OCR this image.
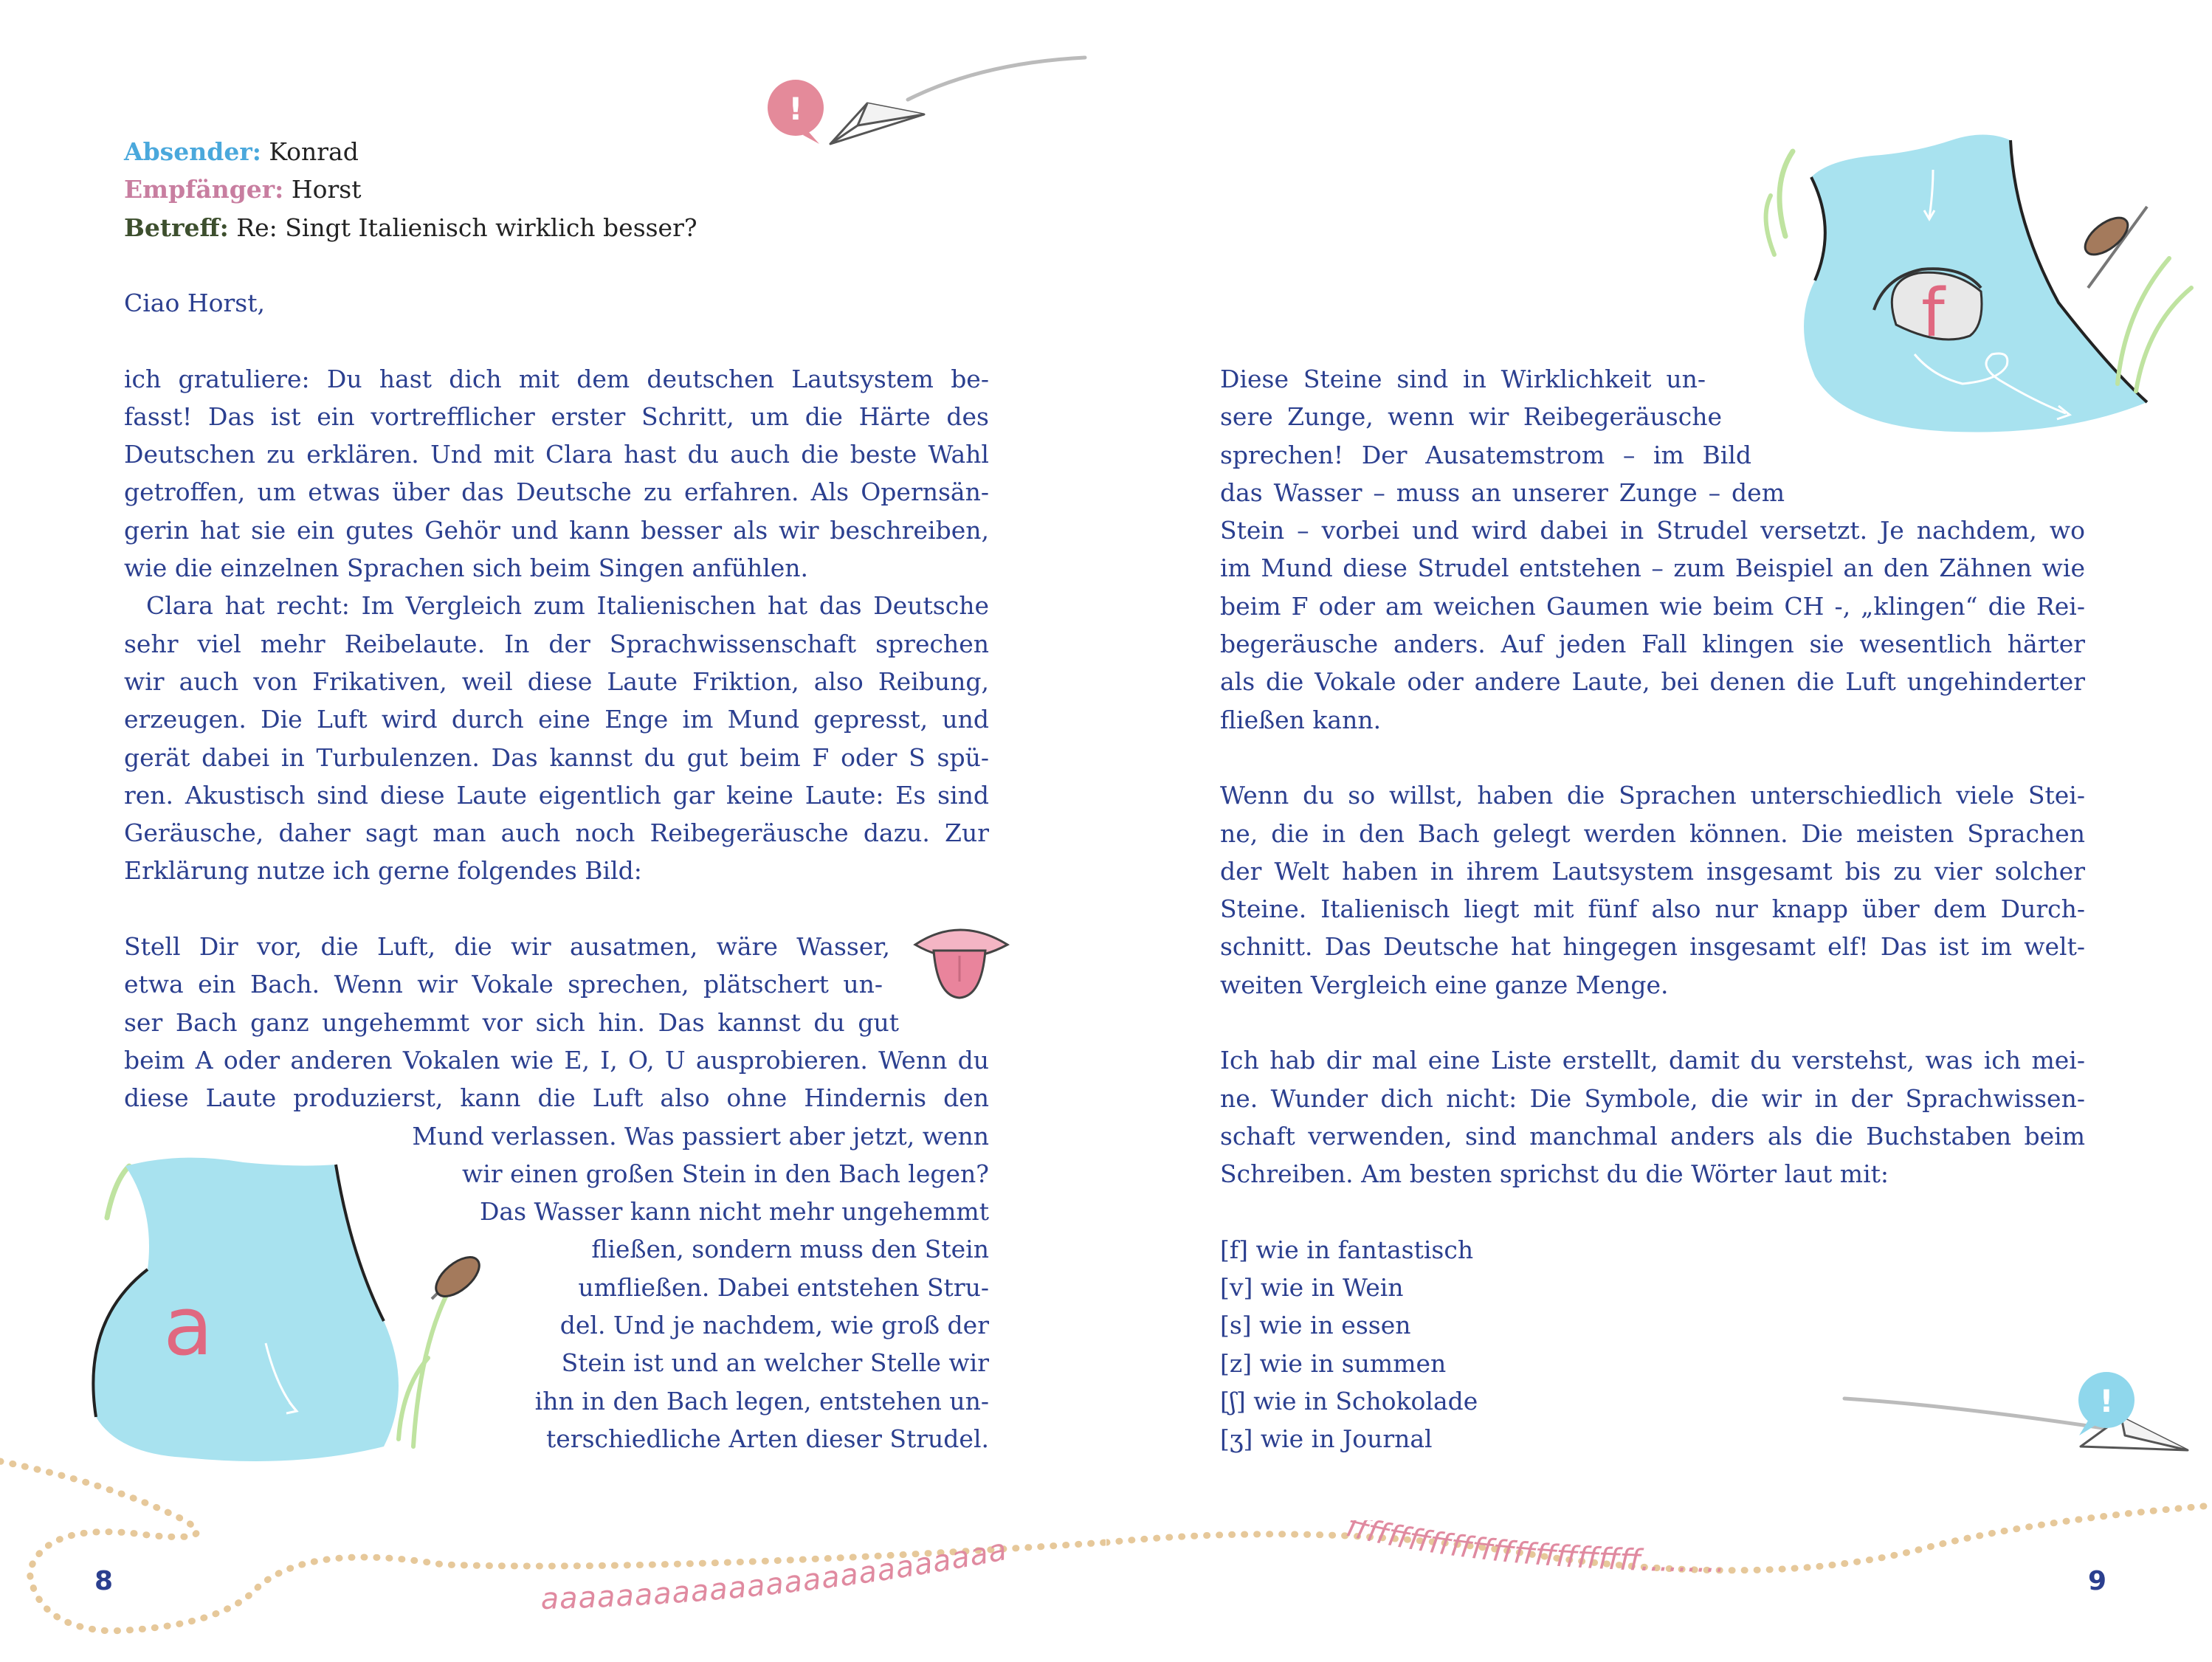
!
a
Absender: Konrad
Empfänger: Horst
Betreff: Re: Singt Italienisch wirklich besser?
Ciao Horst,
ich gratuliere: Du hast dich mit dem deutschen Lautsystem be-
fasst! Das ist ein vortrefflicher erster Schritt, um die Härte des
Deutschen zu erklären. Und mit Clara hast du auch die beste Wahl
getroffen, um etwas über das Deutsche zu erfahren. Als Opernsän-
gerin hat sie ein gutes Gehör und kann besser als wir beschreiben,
wie die einzelnen Sprachen sich beim Singen anfühlen.
Clara hat recht: Im Vergleich zum Italienischen hat das Deutsche
sehr viel mehr Reibelaute. In der Sprachwissenschaft sprechen
wir auch von Frikativen, weil diese Laute Friktion, also Reibung,
erzeugen. Die Luft wird durch eine Enge im Mund gepresst, und
gerät dabei in Turbulenzen. Das kannst du gut beim F oder S spü-
ren. Akustisch sind diese Laute eigentlich gar keine Laute: Es sind
Geräusche, daher sagt man auch noch Reibegeräusche dazu. Zur
Erklärung nutze ich gerne folgendes Bild:
Stell Dir vor, die Luft, die wir ausatmen, wäre Wasser,
etwa ein Bach. Wenn wir Vokale sprechen, plätschert un-
ser Bach ganz ungehemmt vor sich hin. Das kannst du gut
beim A oder anderen Vokalen wie E, I, O, U ausprobieren. Wenn du
diese Laute produzierst, kann die Luft also ohne Hindernis den
Mund verlassen. Was passiert aber jetzt, wenn
wir einen großen Stein in den Bach legen?
Das Wasser kann nicht mehr ungehemmt
fließen, sondern muss den Stein
umfließen. Dabei entstehen Stru-
del. Und je nachdem, wie groß der
Stein ist und an welcher Stelle wir
ihn in den Bach legen, entstehen un-
terschiedliche Arten dieser Strudel.
aaaaaaaaaaaaaaaaaaaaaaaaa
8
f
!
Diese Steine sind in Wirklichkeit un-
sere Zunge, wenn wir Reibegeräusche
sprechen! Der Ausatemstrom – im Bild
das Wasser – muss an unserer Zunge – dem
Stein – vorbei und wird dabei in Strudel versetzt. Je nachdem, wo
im Mund diese Strudel entstehen – zum Beispiel an den Zähnen wie
beim F oder am weichen Gaumen wie beim CH -, „klingen“ die Rei-
begeräusche anders. Auf jeden Fall klingen sie wesentlich härter
als die Vokale oder andere Laute, bei denen die Luft ungehinderter
fließen kann.
Wenn du so willst, haben die Sprachen unterschiedlich viele Stei-
ne, die in den Bach gelegt werden können. Die meisten Sprachen
der Welt haben in ihrem Lautsystem insgesamt bis zu vier solcher
Steine. Italienisch liegt mit fünf also nur knapp über dem Durch-
schnitt. Das Deutsche hat hingegen insgesamt elf! Das ist im welt-
weiten Vergleich eine ganze Menge.
Ich hab dir mal eine Liste erstellt, damit du verstehst, was ich mei-
ne. Wunder dich nicht: Die Symbole, die wir in der Sprachwissen-
schaft verwenden, sind manchmal anders als die Buchstaben beim
Schreiben. Am besten sprichst du die Wörter laut mit:
[f] wie in fantastisch
[v] wie in Wein
[s] wie in essen
[z] wie in summen
[ʃ] wie in Schokolade
[ʒ] wie in Journal
ffffffffffffffffffffffffffff.........
9
